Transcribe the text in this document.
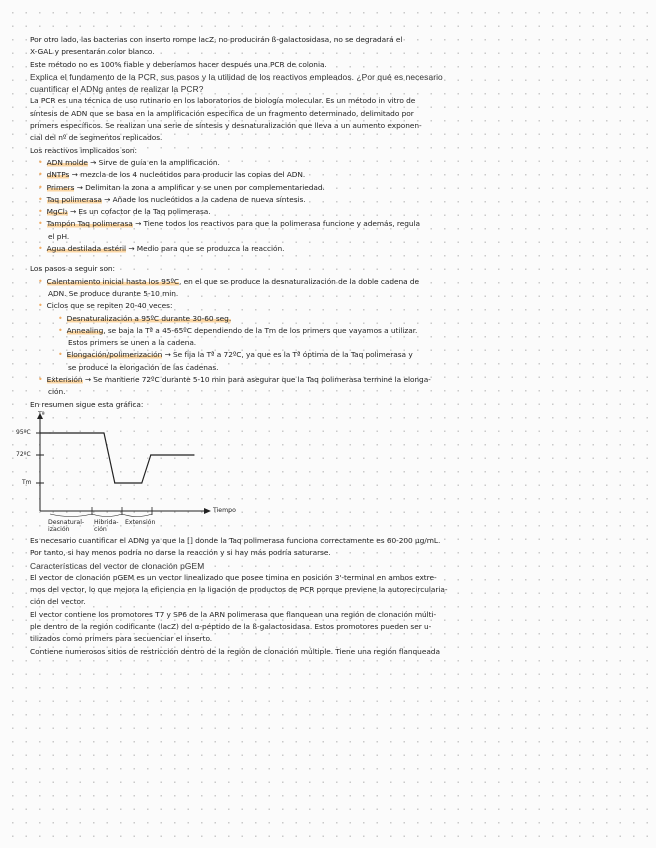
Por otro lado, las bacterias con inserto rompe lacZ, no producirán ß-galactosidasa, no se degradará el
X-GAL y presentarán color blanco.
Este método no es 100% fiable y deberíamos hacer después una PCR de colonia.
Explica el fundamento de la PCR, sus pasos y la utilidad de los reactivos empleados. ¿Por qué es necesario
cuantificar el ADNg antes de realizar la PCR?
La PCR es una técnica de uso rutinario en los laboratorios de biología molecular. Es un método in vitro de
síntesis de ADN que se basa en la amplificación específica de un fragmento determinado, delimitado por
primers específicos. Se realizan una serie de síntesis y desnaturalización que lleva a un aumento exponen-
cial del nº de segmentos replicados.
Los reactivos implicados son:
• ADN molde → Sirve de guía en la amplificación.
• dNTPs → mezcla de los 4 nucleótidos para producir las copias del ADN.
• Primers → Delimitan la zona a amplificar y se unen por complementariedad.
• Taq polimerasa → Añade los nucleótidos a la cadena de nueva síntesis.
• MgCl₂ → Es un cofactor de la Taq polimerasa.
• Tampón Taq polimerasa → Tiene todos los reactivos para que la polimerasa funcione y además, regula
el pH.
• Agua destilada estéril → Medio para que se produzca la reacción.
Los pasos a seguir son:
• Calentamiento inicial hasta los 95ºC, en el que se produce la desnaturalización de la doble cadena de
ADN. Se produce durante 5-10 min.
• Ciclos que se repiten 20-40 veces:
• Desnaturalización a 95ºC durante 30-60 seg.
• Annealing, se baja la Tª a 45-65ºC dependiendo de la Tm de los primers que vayamos a utilizar.
Estos primers se unen a la cadena.
• Elongación/polimerización → Se fija la Tª a 72ºC, ya que es la Tª óptima de la Taq polimerasa y
se produce la elongación de las cadenas.
• Extensión → Se mantiene 72ºC durante 5-10 min para asegurar que la Taq polimerasa termine la elonga-
ción.
En resumen sigue esta gráfica:
Tª
95ºC
72ºC
Tm
Tiempo
Desnatural-ización
Hibrida-ción
Extensión
Es necesario cuantificar el ADNg ya que la [] donde la Taq polimerasa funciona correctamente es 60-200 µg/mL.
Por tanto, si hay menos podría no darse la reacción y si hay más podría saturarse.
Características del vector de clonación pGEM
El vector de clonación pGEM es un vector linealizado que posee timina en posición 3'-terminal en ambos extre-
mos del vector, lo que mejora la eficiencia en la ligación de productos de PCR porque previene la autorecircularia-
ción del vector.
El vector contiene los promotores T7 y SP6 de la ARN polimerasa que flanquean una región de clonación múlti-
ple dentro de la región codificante (lacZ) del α-péptido de la ß-galactosidasa. Estos promotores pueden ser u-
tilizados como primers para secuenciar el inserto.
Contiene numerosos sitios de restricción dentro de la región de clonación múltiple. Tiene una región flanqueada
